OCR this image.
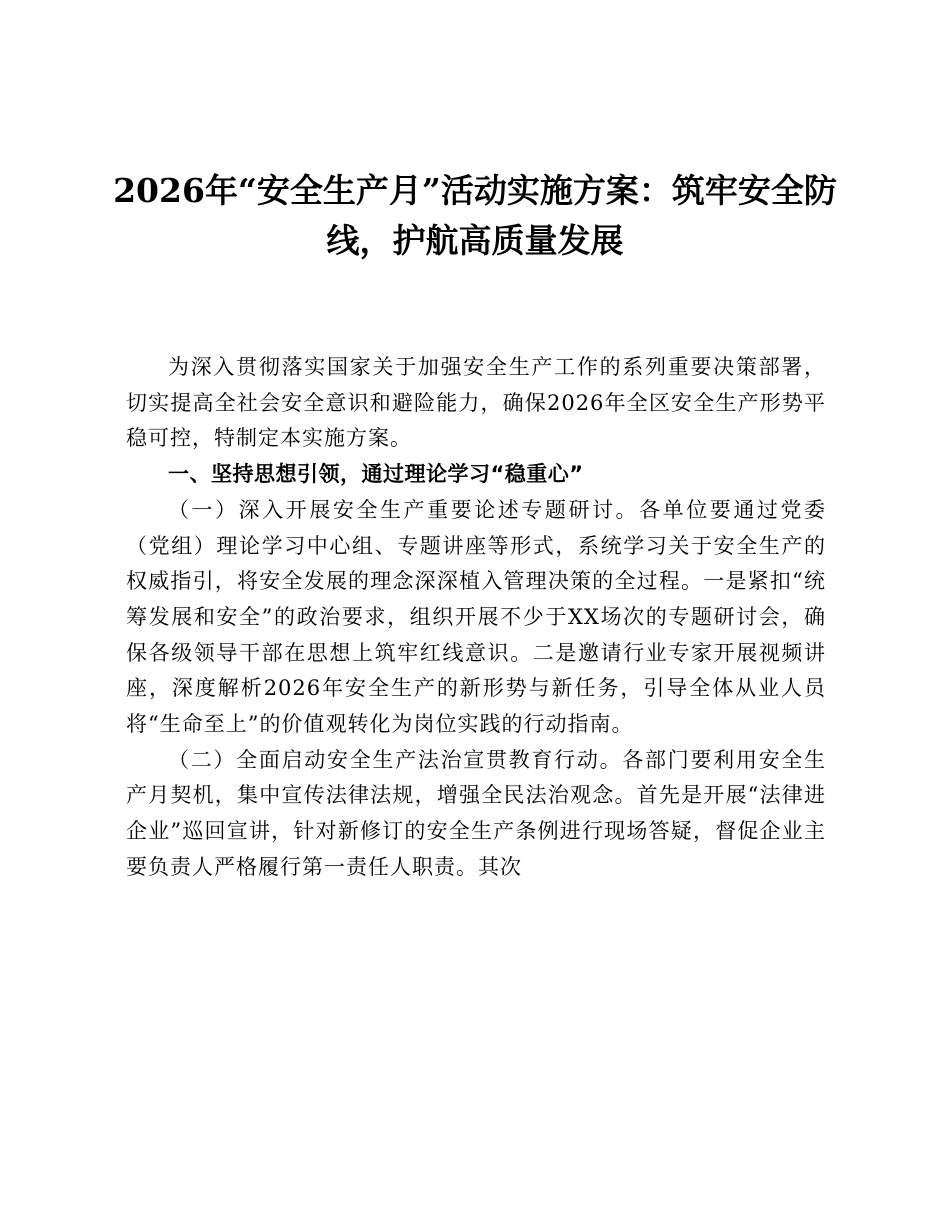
2026年“安全生产月”活动实施方案：筑牢安全防线，护航高质量发展

为深入贯彻落实国家关于加强安全生产工作的系列重要决策部署，切实提高全社会安全意识和避险能力，确保2026年全区安全生产形势平稳可控，特制定本实施方案。

一、坚持思想引领，通过理论学习“稳重心”

（一）深入开展安全生产重要论述专题研讨。各单位要通过党委（党组）理论学习中心组、专题讲座等形式，系统学习关于安全生产的权威指引，将安全发展的理念深深植入管理决策的全过程。一是紧扣“统筹发展和安全”的政治要求，组织开展不少于XX场次的专题研讨会，确保各级领导干部在思想上筑牢红线意识。二是邀请行业专家开展视频讲座，深度解析2026年安全生产的新形势与新任务，引导全体从业人员将“生命至上”的价值观转化为岗位实践的行动指南。

（二）全面启动安全生产法治宣贯教育行动。各部门要利用安全生产月契机，集中宣传法律法规，增强全民法治观念。首先是开展“法律进企业”巡回宣讲，针对新修订的安全生产条例进行现场答疑，督促企业主要负责人严格履行第一责任人职责。其次
